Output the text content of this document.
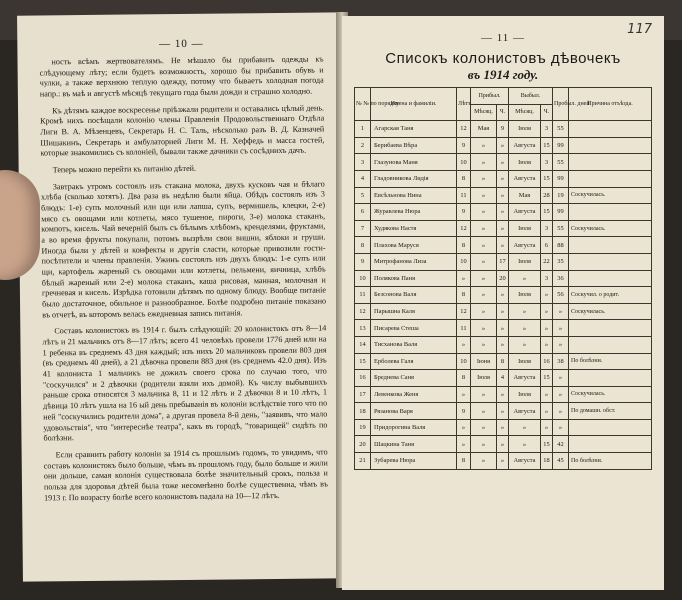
— 10 —

ность всѣмъ жертвователямъ. Не мѣшало бы прибавить одежды къ слѣдующему лѣту; если будетъ возможность, хорошо бы прибавить обувь и чулки, а также верхнюю теплую одежду, потому что бываетъ холодная погода напр.: въ маѣ и августѣ мѣсяцѣ текущаго года были дожди и страшно холодно.

Къ дѣтямъ каждое воскресенье пріѣзжали родители и оставались цѣлый день. Кромѣ нихъ посѣщали колонію члены Правленія Продовольственнаго Отдѣла Лиги В. А. Мѣзенцевъ, Секретарь Н. С. Таль, нѣсколько разъ В. Д. Казначей Шишакинъ, Секретарь и амбулаторией Лиги М. Н. Хеффедь и масса гостей, которые знакомились съ колоніей, бывали также дачники съ сосѣднихъ дачъ.

Теперь можно перейти къ питанію дѣтей.

Завтракъ утромъ состоялъ изъ стакана молока, двухъ кусковъ чая и бѣлаго хлѣба (сколько хотятъ). Два раза въ недѣлю были яйца. Обѣдъ состоялъ изъ 3 блюдъ: 1-е) супъ молочный или щи или лапша, супъ, вермишель, клецки, 2-е) мясо съ овощами или котлеты, мясо тушеное, пироги, 3-е) молока стаканъ, компотъ, кисель. Чай вечерній былъ съ бѣлымъ хлѣбомъ, кренделями, фруктами, а во время фрукты покупали, потомъ вызрѣли свои вишни, яблоки и груши. Иногда были у дѣтей и конфекты и другія сласти, которые привозили гости-посѣтители и члены правленія. Ужинъ состоялъ изъ двухъ блюдъ: 1-е супъ или щи, картофель жареный съ овощами или котлеты, пельмени, яичница, хлѣбъ бѣлый жареный или 2-е) молока стаканъ, каша рисовая, манная, молочная и гречневая и кисель. Изрѣдка готовили дѣтямъ по одному блюду. Вообще питаніе было достаточное, обильное и разнообразное. Болѣе подробно питаніе показано въ отчетѣ, въ которомъ велась ежедневная запись питанія.

Составъ колонистокъ въ 1914 г. былъ слѣдующій: 20 колонистокъ отъ 8—14 лѣтъ и 21 мальчикъ отъ 8—17 лѣтъ; всего 41 человѣкъ провели 1776 дней или на 1 ребенка въ среднемъ 43 дня каждый; изъ нихъ 20 мальчиковъ провели 803 дня (въ среднемъ 40 дней), а 21 дѣвочка провели 883 дня (въ среднемъ 42.0 дня). Изъ 41 колониста 1 мальчикъ не дожилъ своего срока по случаю того, что "соскучился" и 2 дѣвочки (родители взяли ихъ домой). Къ числу выбывшихъ раньше срока относятся 3 мальчика 8, 11 и 12 лѣтъ и 2 дѣвочки 8 и 10 лѣтъ, 1 дѣвица 10 лѣтъ ушла на 16 ый день пребыванія въ колоніи вслѣдствіе того что по ней "соскучились родители дома", а другая провела 8-й день, "заявивъ, что мало удовольствія", что "интереснѣе театра", какъ въ городѣ, "товарищей" сидѣть по болѣзни.

Если сравнить работу колоніи за 1914 съ прошлымъ годомъ, то увидимъ, что составъ колонистокъ было больше, чѣмъ въ прошломъ году, было больше и жили они дольше, самая колонія существовала болѣе значительный срокъ, польза и польза для здоровья дѣтей была тоже несомнѣнно болѣе существенна, чѣмъ въ 1913 г. По возрасту болѣе всего колонистовъ падала на 10—12 лѣтъ.

117
— 11 —
Списокъ колонистовъ дѣвочекъ
въ 1914 году.
№ № по порядку	Имена и фамиліи.	Лѣтъ	Прибыл.		Выбыл.		Пробыл. дней	Причина отъѣзда.
			Мѣсяц.	Ч.	Мѣсяц.	Ч.		
1	Агарская Таня	12	Мая	9	Іюля	3	55	
2	Берибаева Вѣра	9	»	»	Августа	15	99	
3	Глазунова Маня	10	»	»	Іюля	3	55	
4	Гладовникова Лидія	8	»	»	Августа	15	99	
5	Евсѣльнова Нина	11	»	»	Мая	28	19	Соскучилась.
6	Журавлева Нюра	9	»	»	Августа	15	99	
7	Худякова Настя	12	»	»	Іюля	3	55	Соскучилась.
8	Плахова Маруся	8	»	»	Августа	6	88	
9	Митрофанова Лиза	10	»	17	Іюля	22	35	
10	Полякова Паня	»	»	20	»	3	36	
11	Безсонова Валя	8	»	»	Іюля	»	56	Соскучил. о родит.
12	Парышна Каля	12	»	»	»	»	»	Соскучилась.
13	Писарева Стеша	11	»	»	»	»	»	
14	Тисханова Валя	»	»	»	»	»	»	
15	Ерболева Галя	10	Іюня	8	Іюля	16	38	По болѣзни.
16	Бреднева Саня	8	Іюля	4	Августа	15	»	
17	Левенкова Женя	»	»	»	Іюля	»	»	Соскучилась.
18	Рязанова Варя	9	»	»	Августа	»	»	По домашн. обст.
19	Придорогина Валя	»	»	»	»	»	»	
20	Шацкина Таня	»	»	»	»	15	42	
21	Зубарева Нюра	8	»	»	Августа	18	45	По болѣзни.
